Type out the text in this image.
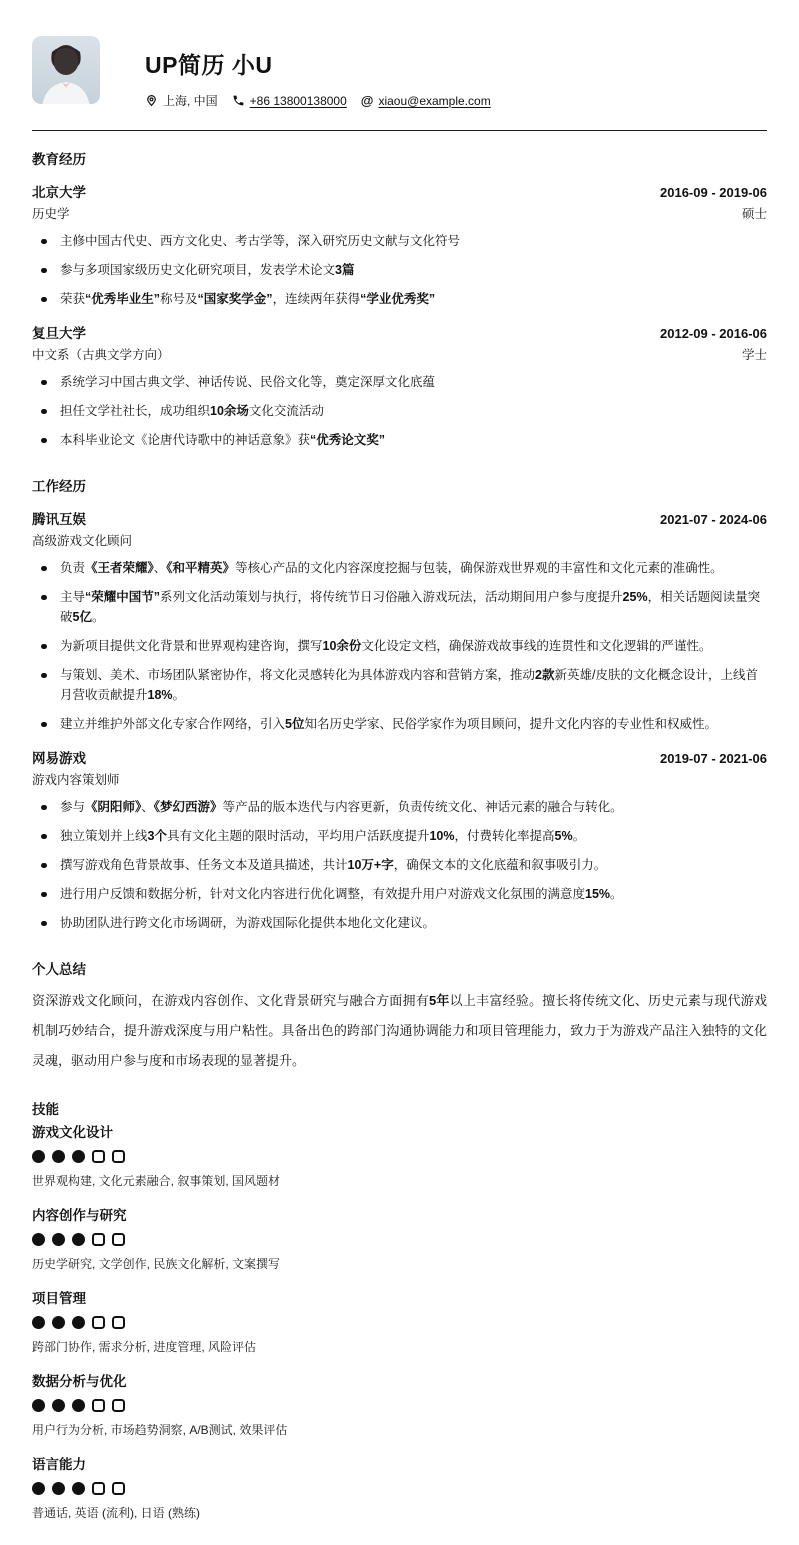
UP简历 小U
上海, 中国	+86 13800138000 @ xiaou@example.com
教育经历
北京大学	2016-09 - 2019-06
历史学	硕士
主修中国古代史、西方文化史、考古学等，深入研究历史文献与文化符号
参与多项国家级历史文化研究项目，发表学术论文3篇
荣获“优秀毕业生”称号及“国家奖学金”，连续两年获得“学业优秀奖”
复旦大学	2012-09 - 2016-06
中文系（古典文学方向）	学士
系统学习中国古典文学、神话传说、民俗文化等，奠定深厚文化底蕴
担任文学社社长，成功组织10余场文化交流活动
本科毕业论文《论唐代诗歌中的神话意象》获“优秀论文奖”
工作经历
腾讯互娱	2021-07 - 2024-06
高级游戏文化顾问
负责《王者荣耀》、《和平精英》等核心产品的文化内容深度挖掘与包装，确保游戏世界观的丰富性和文化元素的准确性。
主导“荣耀中国节”系列文化活动策划与执行，将传统节日习俗融入游戏玩法，活动期间用户参与度提升25%，相关话题阅读量突破5亿。
为新项目提供文化背景和世界观构建咨询，撰写10余份文化设定文档，确保游戏故事线的连贯性和文化逻辑的严谨性。
与策划、美术、市场团队紧密协作，将文化灵感转化为具体游戏内容和营销方案，推动2款新英雄/皮肤的文化概念设计，上线首月营收贡献提升18%。
建立并维护外部文化专家合作网络，引入5位知名历史学家、民俗学家作为项目顾问，提升文化内容的专业性和权威性。
网易游戏	2019-07 - 2021-06
游戏内容策划师
参与《阴阳师》、《梦幻西游》等产品的版本迭代与内容更新，负责传统文化、神话元素的融合与转化。
独立策划并上线3个具有文化主题的限时活动，平均用户活跃度提升10%，付费转化率提高5%。
撰写游戏角色背景故事、任务文本及道具描述，共计10万+字，确保文本的文化底蕴和叙事吸引力。
进行用户反馈和数据分析，针对文化内容进行优化调整，有效提升用户对游戏文化氛围的满意度15%。
协助团队进行跨文化市场调研，为游戏国际化提供本地化文化建议。
个人总结
资深游戏文化顾问，在游戏内容创作、文化背景研究与融合方面拥有5年以上丰富经验。擅长将传统文化、历史元素与现代游戏机制巧妙结合，提升游戏深度与用户粘性。具备出色的跨部门沟通协调能力和项目管理能力，致力于为游戏产品注入独特的文化灵魂，驱动用户参与度和市场表现的显著提升。
技能
游戏文化设计
世界观构建, 文化元素融合, 叙事策划, 国风题材
内容创作与研究
历史学研究, 文学创作, 民族文化解析, 文案撰写
项目管理
跨部门协作, 需求分析, 进度管理, 风险评估
数据分析与优化
用户行为分析, 市场趋势洞察, A/B测试, 效果评估
语言能力
普通话, 英语 (流利), 日语 (熟练)
